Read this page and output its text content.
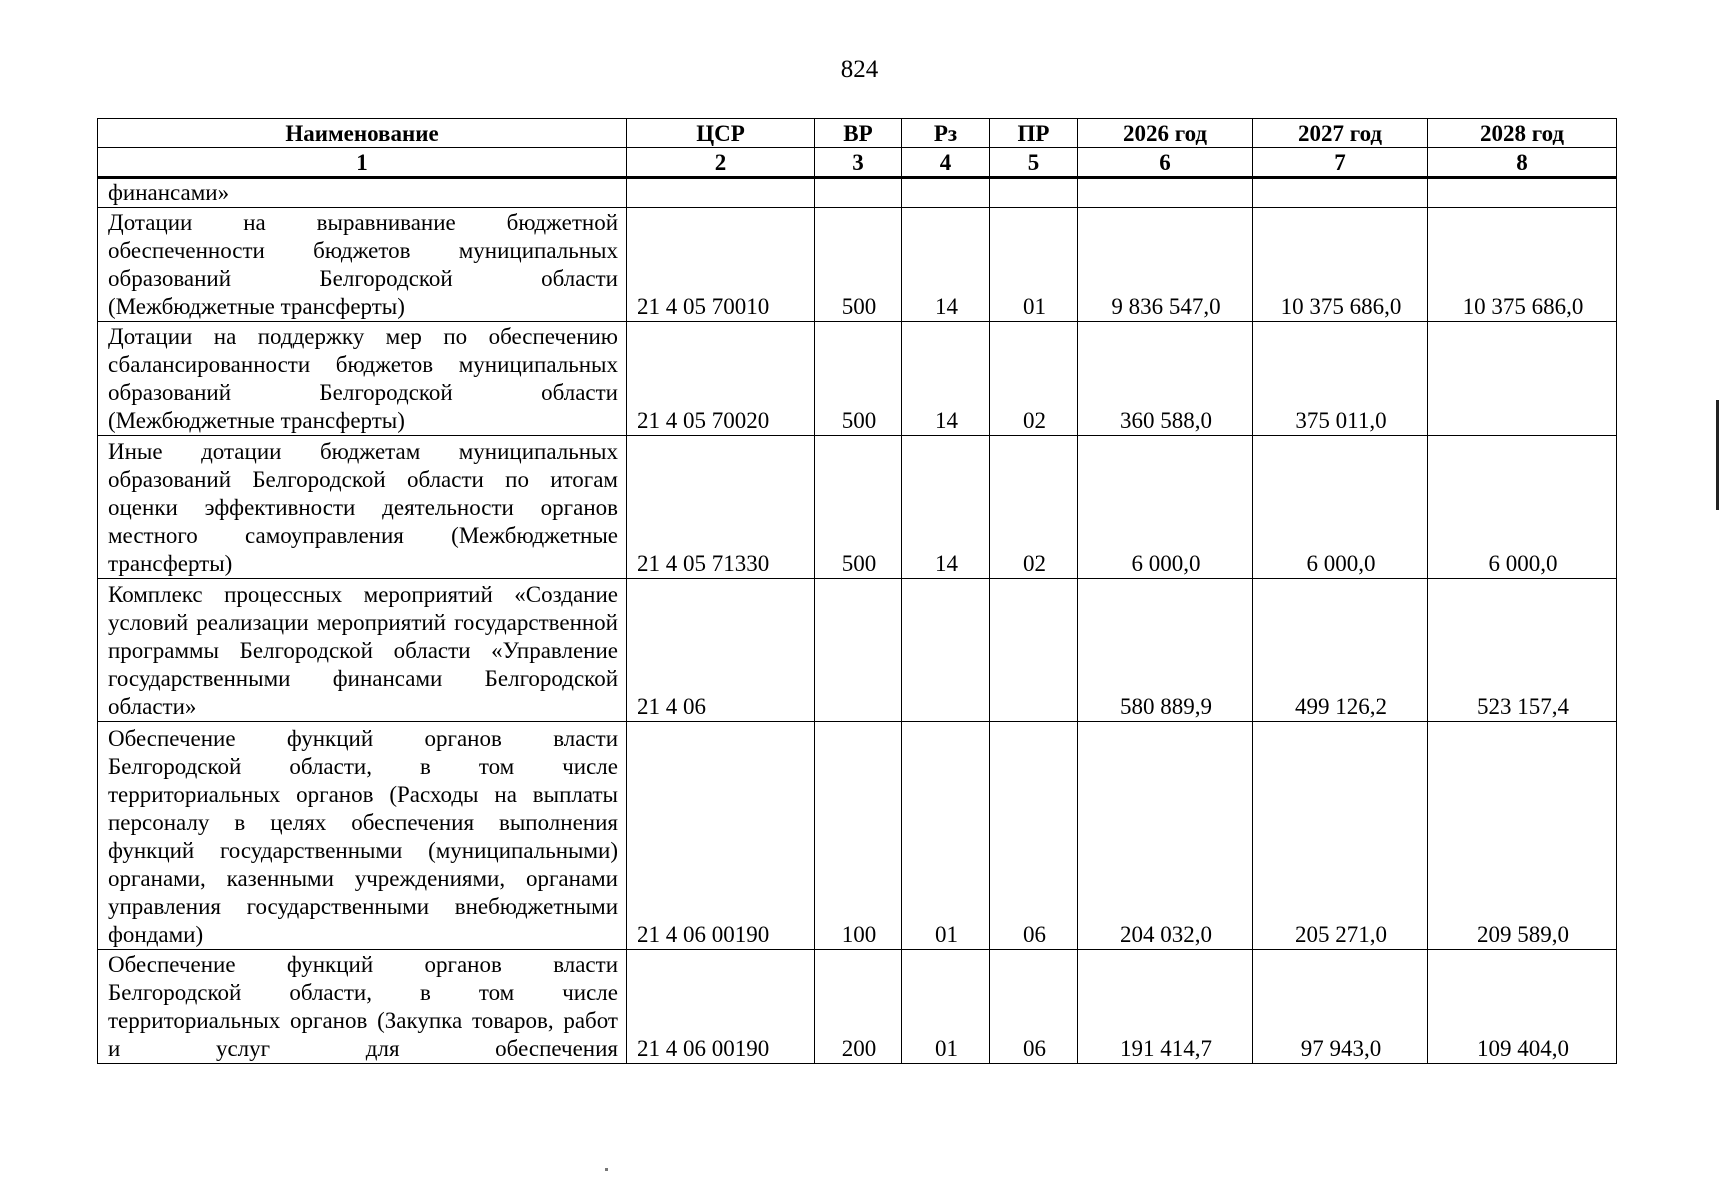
824
Наименование	ЦСР	ВР	Рз	ПР	2026 год	2027 год	2028 год
1	2	3	4	5	6	7	8
финансами»							
Дотации на выравнивание бюджетной обеспеченности бюджетов муниципальных образований Белгородской области (Межбюджетные трансферты)	21 4 05 70010	500	14	01	9 836 547,0	10 375 686,0	10 375 686,0
Дотации на поддержку мер по обеспечению сбалансированности бюджетов муниципальных образований Белгородской области (Межбюджетные трансферты)	21 4 05 70020	500	14	02	360 588,0	375 011,0	
Иные дотации бюджетам муниципальных образований Белгородской области по итогам оценки эффективности деятельности органов местного самоуправления (Межбюджетные трансферты)	21 4 05 71330	500	14	02	6 000,0	6 000,0	6 000,0
Комплекс процессных мероприятий «Создание условий реализации мероприятий государственной программы Белгородской области «Управление государственными финансами Белгородской области»	21 4 06				580 889,9	499 126,2	523 157,4
Обеспечение функций органов власти Белгородской области, в том числе территориальных органов (Расходы на выплаты персоналу в целях обеспечения выполнения функций государственными (муниципальными) органами, казенными учреждениями, органами управления государственными внебюджетными фондами)	21 4 06 00190	100	01	06	204 032,0	205 271,0	209 589,0
Обеспечение функций органов власти Белгородской области, в том числе территориальных органов (Закупка товаров, работ и услуг для обеспечения	21 4 06 00190	200	01	06	191 414,7	97 943,0	109 404,0
